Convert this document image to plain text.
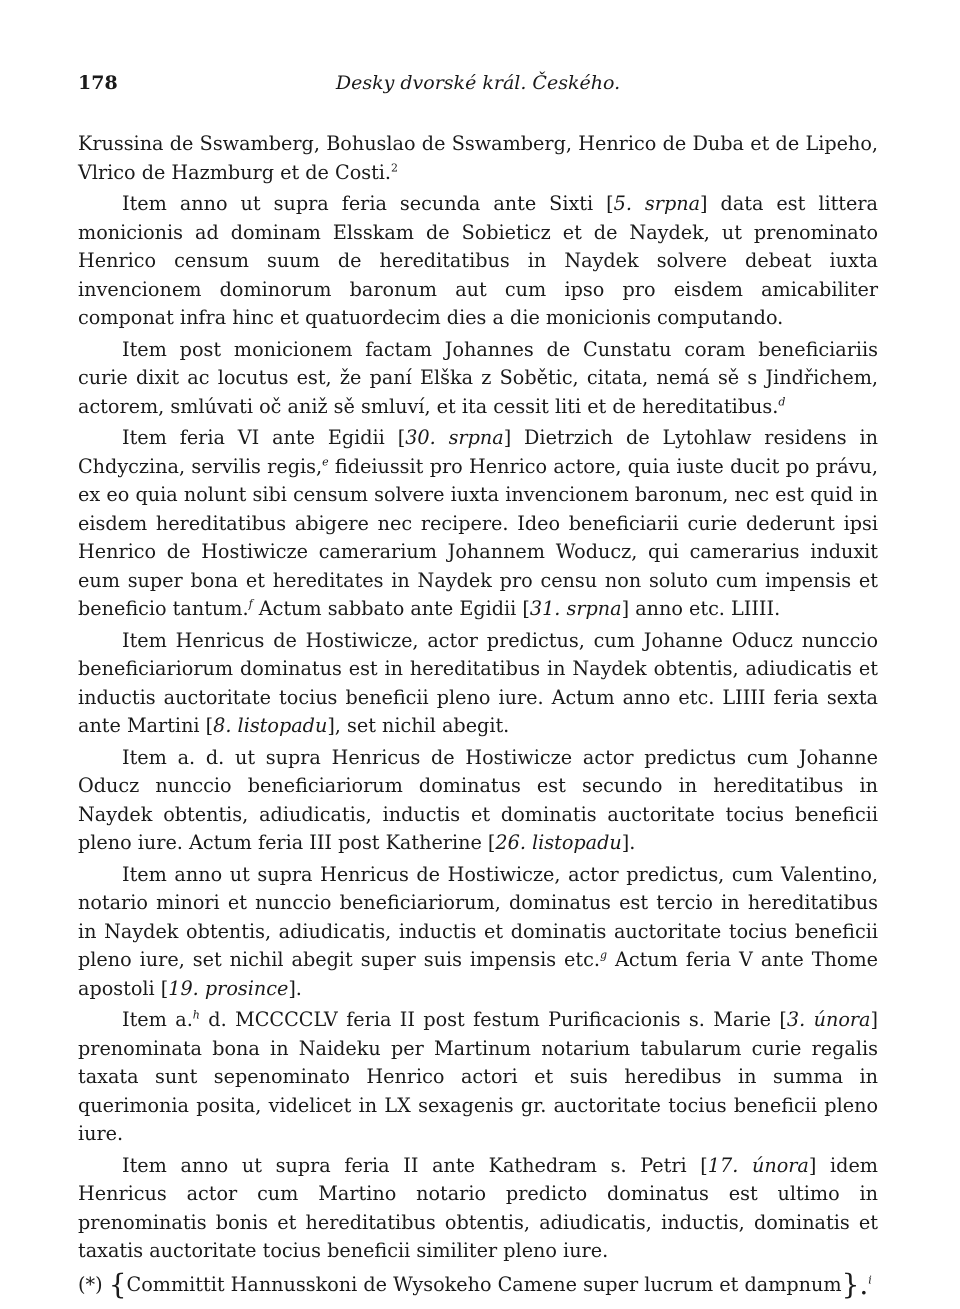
178	Desky dvorské král. Českého.

Krussina de Sswamberg, Bohuslao de Sswamberg, Henrico de Duba et de Lipeho, Vlrico de Hazmburg et de Costi.$^2$

Item anno ut supra feria secunda ante Sixti [5. srpna] data est littera monicionis ad dominam Elsskam de Sobieticz et de Naydek, ut prenominato Henrico censum suum de hereditatibus in Naydek solvere debeat iuxta invencionem dominorum baronum aut cum ipso pro eisdem amicabiliter componat infra hinc et quatuordecim dies a die monicionis computando.

Item post monicionem factam Johannes de Cunstatu coram beneficiariis curie dixit ac locutus est, že paní Elška z Sobětic, citata, nemá sě s Jindřichem, actorem, smlúvati oč aniž sě smluví, et ita cessit liti et de hereditatibus.$^d$

Item feria VI ante Egidii [30. srpna] Dietrzich de Lytohlaw residens in Chdyczina, servilis regis,$^e$ fideiussit pro Henrico actore, quia iuste ducit po právu, ex eo quia nolunt sibi censum solvere iuxta invencionem baronum, nec est quid in eisdem hereditatibus abigere nec recipere. Ideo beneficiarii curie dederunt ipsi Henrico de Hostiwicze camerarium Johannem Woducz, qui camerarius induxit eum super bona et hereditates in Naydek pro censu non soluto cum impensis et beneficio tantum.$^f$ Actum sabbato ante Egidii [31. srpna] anno etc. LIIII.

Item Henricus de Hostiwicze, actor predictus, cum Johanne Oducz nunccio beneficiariorum dominatus est in hereditatibus in Naydek obtentis, adiudicatis et inductis auctoritate tocius beneficii pleno iure. Actum anno etc. LIIII feria sexta ante Martini [8. listopadu], set nichil abegit.

Item a. d. ut supra Henricus de Hostiwicze actor predictus cum Johanne Oducz nunccio beneficiariorum dominatus est secundo in hereditatibus in Naydek obtentis, adiudicatis, inductis et dominatis auctoritate tocius beneficii pleno iure. Actum feria III post Katherine [26. listopadu].

Item anno ut supra Henricus de Hostiwicze, actor predictus, cum Valentino, notario minori et nunccio beneficiariorum, dominatus est tercio in hereditatibus in Naydek obtentis, adiudicatis, inductis et dominatis auctoritate tocius beneficii pleno iure, set nichil abegit super suis impensis etc.$^g$ Actum feria V ante Thome apostoli [19. prosince].

Item a.$^h$ d. MCCCCLV feria II post festum Purificacionis s. Marie [3. února] prenominata bona in Naideku per Martinum notarium tabularum curie regalis taxata sunt sepenominato Henrico actori et suis heredibus in summa in querimonia posita, videlicet in LX sexagenis gr. auctoritate tocius beneficii pleno iure.

Item anno ut supra feria II ante Kathedram s. Petri [17. února] idem Henricus actor cum Martino notario predicto dominatus est ultimo in prenominatis bonis et hereditatibus obtentis, adiudicatis, inductis, dominatis et taxatis auctoritate tocius beneficii similiter pleno iure.

(*) {Committit Hannusskoni de Wysokeho Camene super lucrum et dampnum}.$^i$
